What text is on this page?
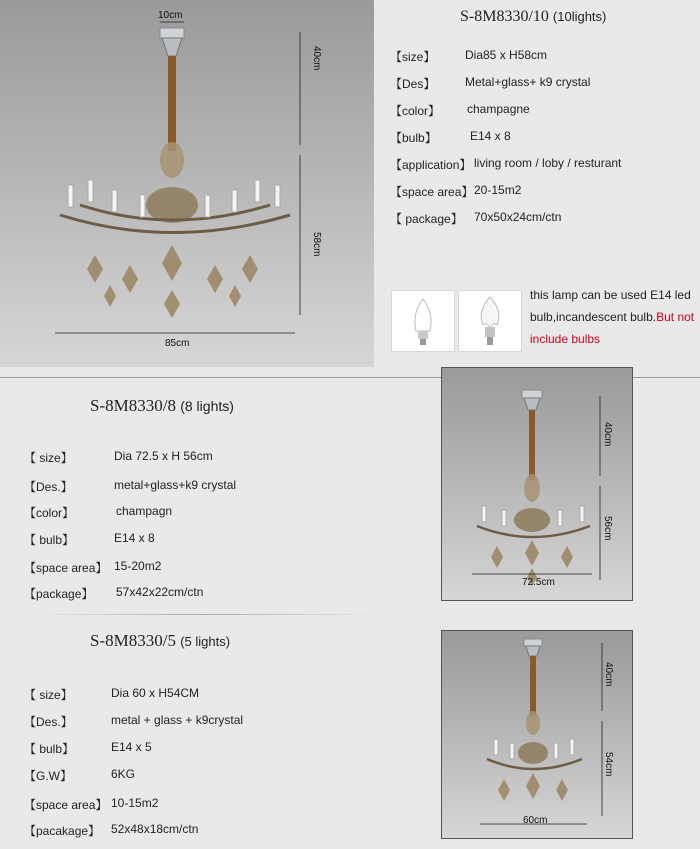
10cm
40cm
58cm
85cm
S-8M8330/10 (10lights)
【size】 Dia85 x H58cm
【Des】 Metal+glass+ k9 crystal
【color】 champagne
【bulb】	E14 x 8
【application】 living room / loby / resturant
【space area】 20-15m2
【 package】 70x50x24cm/ctn
this lamp can be used E14 led bulb,incandescent bulb.But not include bulbs
S-8M8330/8 (8 lights)
【 size】	Dia 72.5 x H 56cm
【Des.】	metal+glass+k9 crystal
【color】	champagn
【 bulb】	E14 x 8
【space area】 15-20m2
【package】 57x42x22cm/ctn
40cm
56cm
72.5cm
S-8M8330/5 (5 lights)
【 size】	Dia 60 x H54CM
【Des.】	metal + glass + k9crystal
【 bulb】	E14 x 5
【G.W】	6KG
【space area】 10-15m2
【pacakage】 52x48x18cm/ctn
40cm
54cm
60cm
